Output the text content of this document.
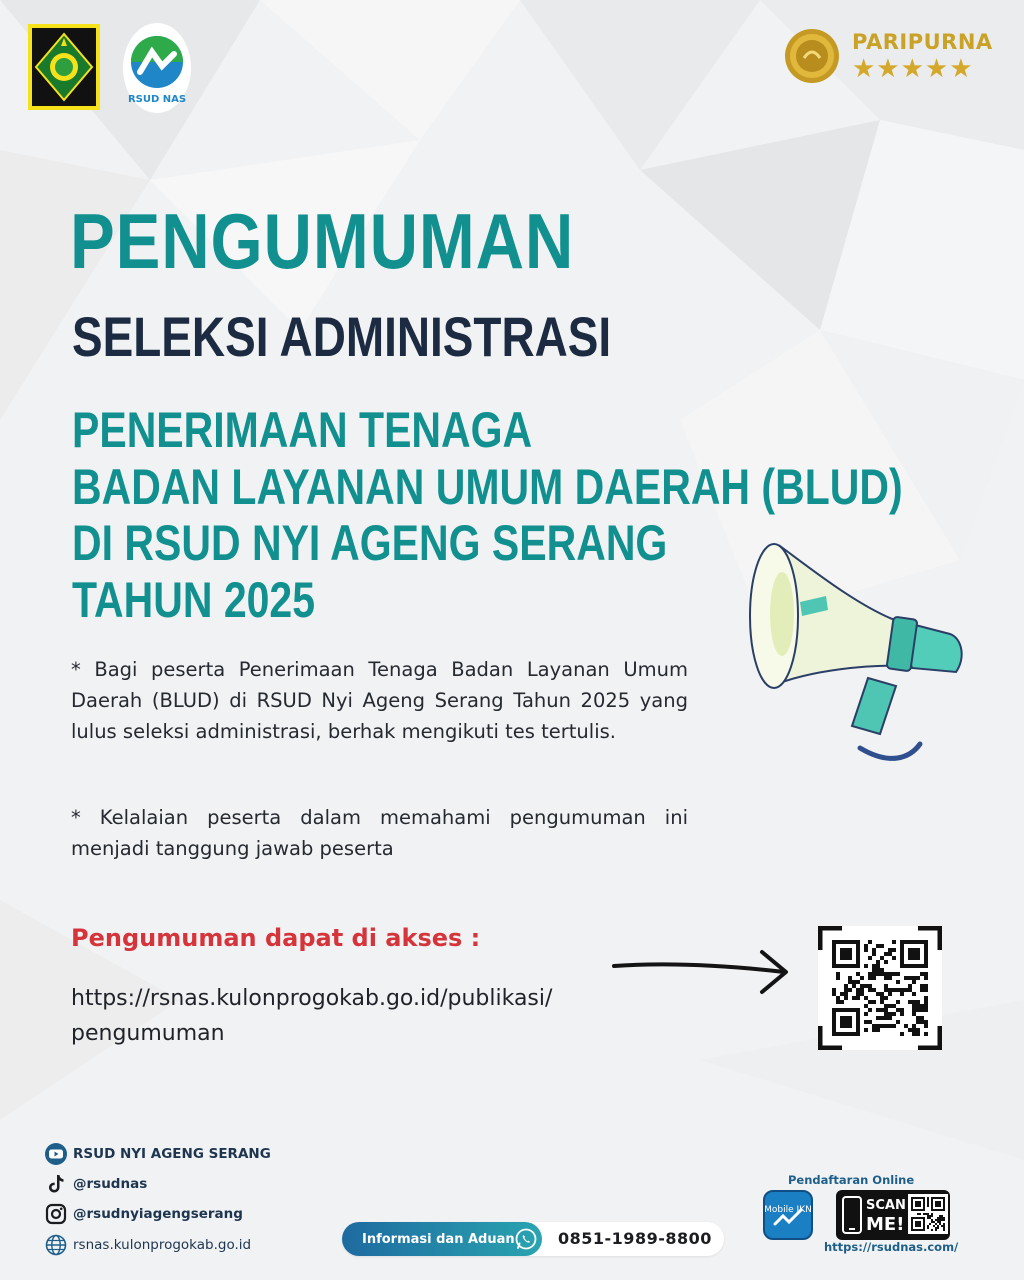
RSUD NAS
PARIPURNA
★★★★★
PENGUMUMAN
SELEKSI ADMINISTRASI
PENERIMAAN TENAGA
BADAN LAYANAN UMUM DAERAH (BLUD)
DI RSUD NYI AGENG SERANG
TAHUN 2025

* Bagi peserta Penerimaan Tenaga Badan Layanan Umum Daerah (BLUD) di RSUD Nyi Ageng Serang Tahun 2025 yang lulus seleksi administrasi, berhak mengikuti tes tertulis.

* Kelalaian peserta dalam memahami pengumuman ini menjadi tanggung jawab peserta

Pengumuman dapat di akses :
https://rsnas.kulonprogokab.go.id/publikasi/
pengumuman
RSUD NYI AGENG SERANG
@rsudnas
@rsudnyiagengserang
rsnas.kulonprogokab.go.id	Informasi dan Aduan	0851-1989-8800
Pendaftaran Online
Mobile JKN	SCAN
ME!
https://rsudnas.com/
